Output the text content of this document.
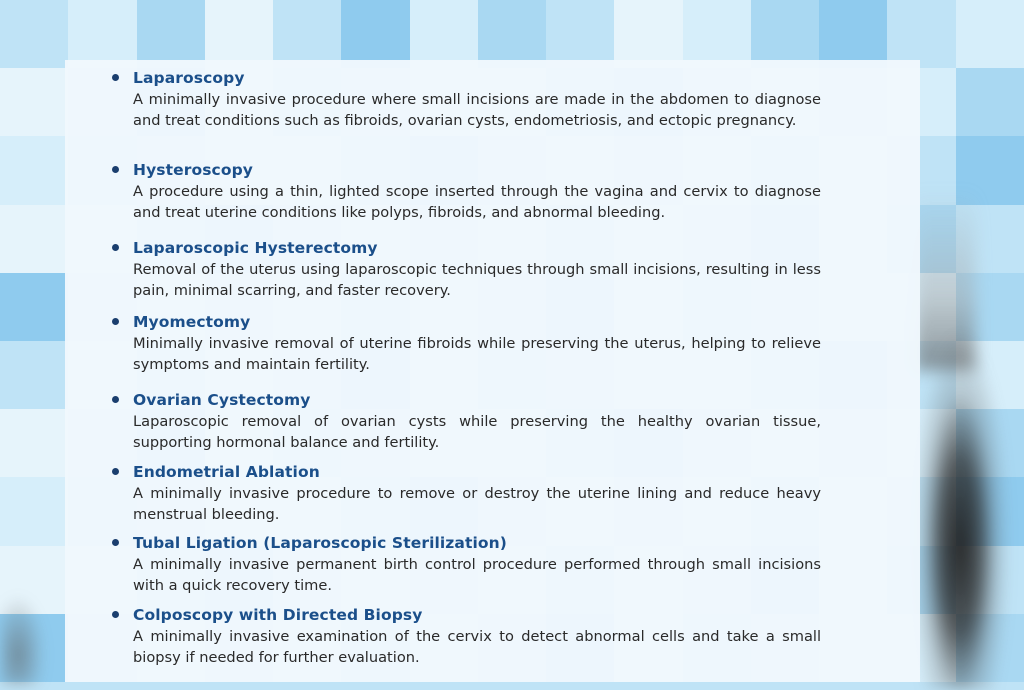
Laparoscopy
A minimally invasive procedure where small incisions are made in the abdomen to diagnose and treat conditions such as fibroids, ovarian cysts, endometriosis, and ectopic pregnancy.
Hysteroscopy
A procedure using a thin, lighted scope inserted through the vagina and cervix to diagnose and treat uterine conditions like polyps, fibroids, and abnormal bleeding.
Laparoscopic Hysterectomy
Removal of the uterus using laparoscopic techniques through small incisions, resulting in less pain, minimal scarring, and faster recovery.
Myomectomy
Minimally invasive removal of uterine fibroids while preserving the uterus, helping to relieve symptoms and maintain fertility.
Ovarian Cystectomy
Laparoscopic removal of ovarian cysts while preserving the healthy ovarian tissue, supporting hormonal balance and fertility.
Endometrial Ablation
A minimally invasive procedure to remove or destroy the uterine lining and reduce heavy menstrual bleeding.
Tubal Ligation (Laparoscopic Sterilization)
A minimally invasive permanent birth control procedure performed through small incisions with a quick recovery time.
Colposcopy with Directed Biopsy
A minimally invasive examination of the cervix to detect abnormal cells and take a small biopsy if needed for further evaluation.
